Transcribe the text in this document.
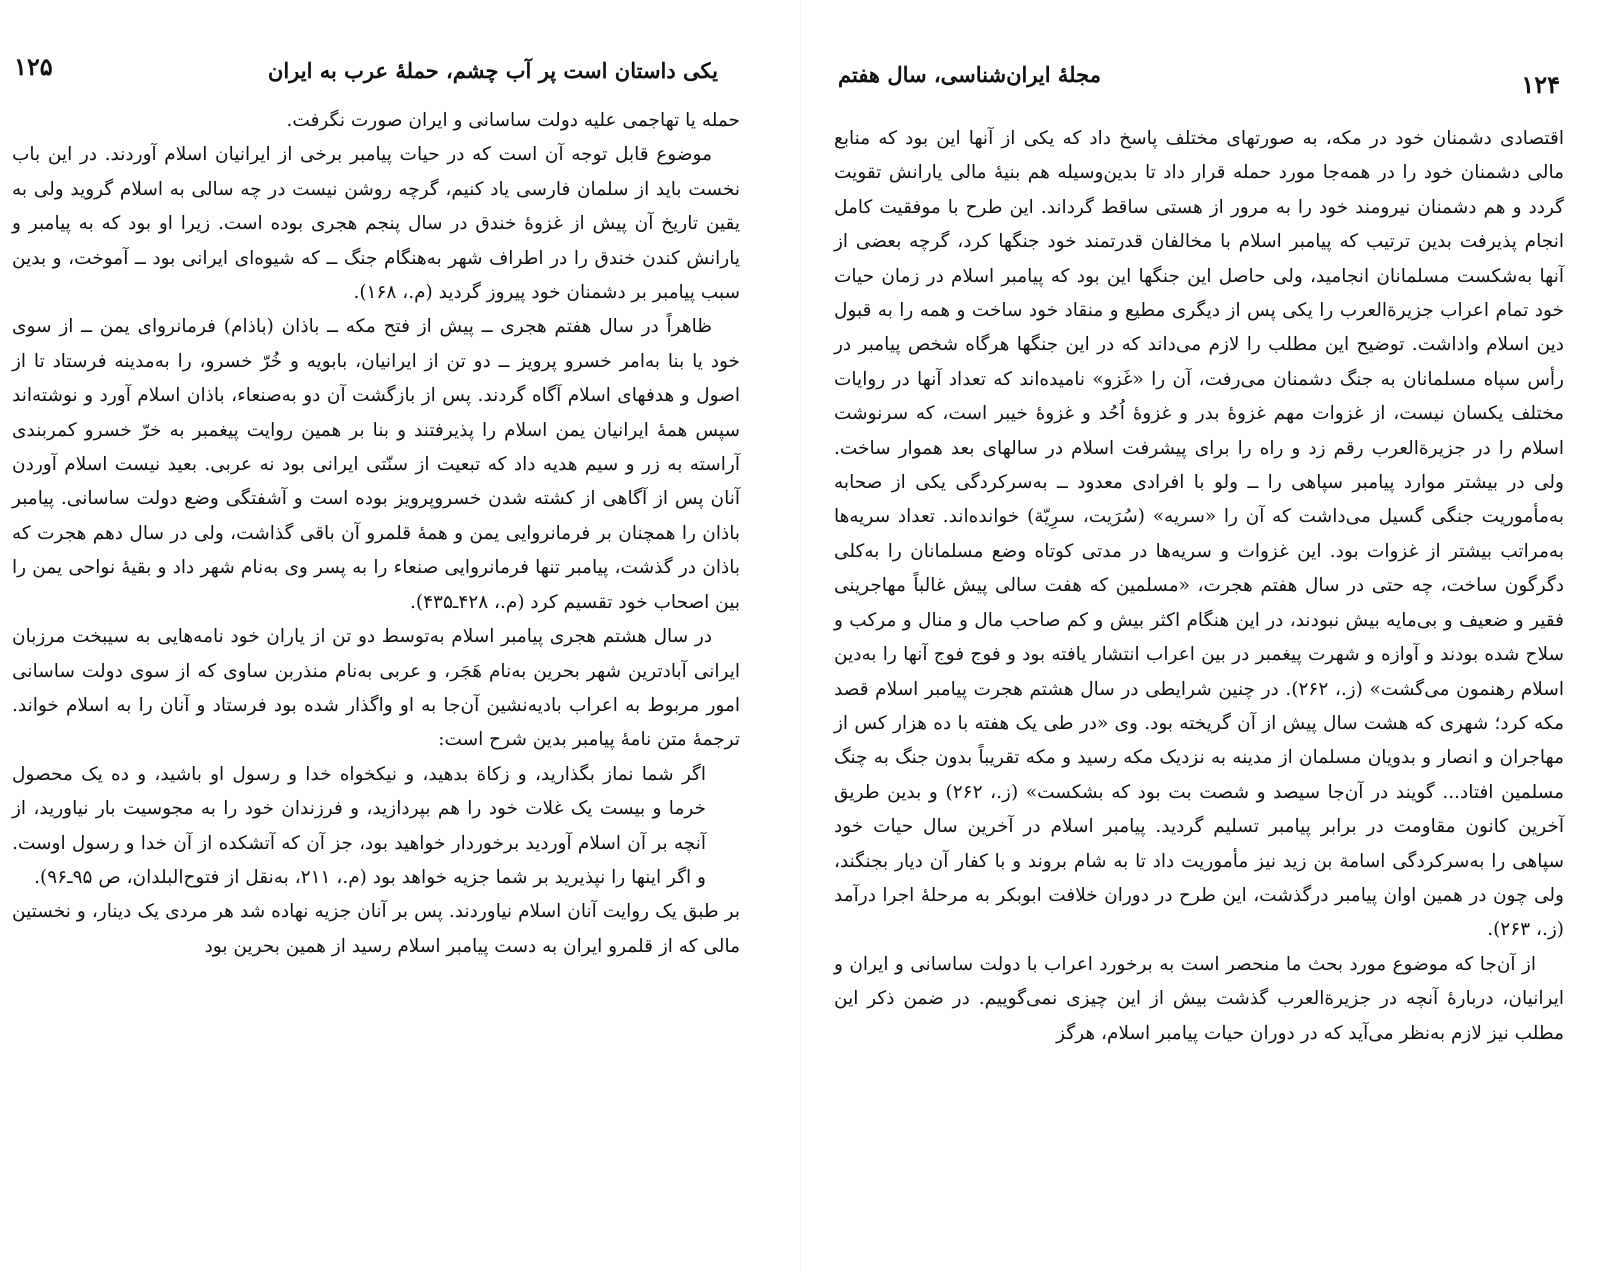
۱۲۵	یکی داستان است پر آب چشم، حملهٔ عرب به ایران

حمله یا تهاجمی علیه دولت ساسانی و ایران صورت نگرفت.

موضوع قابل توجه آن است که در حیات پیامبر برخی از ایرانیان اسلام آوردند. در این باب نخست باید از سلمان فارسی یاد کنیم، گرچه روشن نیست در چه سالی به اسلام گروید ولی به یقین تاریخ آن پیش از غزوهٔ خندق در سال پنجم هجری بوده است. زیرا او بود که به پیامبر و یارانش کندن خندق را در اطراف شهر به‌هنگام جنگ ــ که شیوه‌ای ایرانی بود ــ آموخت، و بدین سبب پیامبر بر دشمنان خود پیروز گردید (م.، ۱۶۸).

ظاهراً در سال هفتم هجری ــ پیش از فتح مکه ــ باذان (باذام) فرمانروای یمن ــ از سوی خود یا بنا به‌امر خسرو پرویز ــ دو تن از ایرانیان، بابویه و خُرّ خسرو، را به‌مدینه فرستاد تا از اصول و هدفهای اسلام آگاه گردند. پس از بازگشت آن دو به‌صنعاء، باذان اسلام آورد و نوشته‌اند سپس همهٔ ایرانیان یمن اسلام را پذیرفتند و بنا بر همین روایت پیغمبر به خرّ خسرو کمربندی آراسته به زر و سیم هدیه داد که تبعیت از سنّتی ایرانی بود نه عربی. بعید نیست اسلام آوردن آنان پس از آگاهی از کشته شدن خسروپرویز بوده است و آشفتگی وضع دولت ساسانی. پیامبر باذان را همچنان بر فرمانروایی یمن و همهٔ قلمرو آن باقی گذاشت، ولی در سال دهم هجرت که باذان در گذشت، پیامبر تنها فرمانروایی صنعاء را به پسر وی به‌نام شهر داد و بقیهٔ نواحی یمن را بین اصحاب خود تقسیم کرد (م.، ۴۲۸ـ۴۳۵).

در سال هشتم هجری پیامبر اسلام به‌توسط دو تن از یاران خود نامه‌هایی به سیبخت مرزبان ایرانی آبادترین شهر بحرین به‌نام هَجَر، و عربی به‌نام منذربن ساوی که از سوی دولت ساسانی امور مربوط به اعراب بادیه‌نشین آن‌جا به او واگذار شده بود فرستاد و آنان را به اسلام خواند. ترجمهٔ متن نامهٔ پیامبر بدین شرح است:

اگر شما نماز بگذارید، و زکاة بدهید، و نیکخواه خدا و رسول او باشید، و ده یک محصول خرما و بیست یک غلات خود را هم بپردازید، و فرزندان خود را به مجوسیت بار نیاورید، از آنچه بر آن اسلام آوردید برخوردار خواهید بود، جز آن که آتشکده از آن خدا و رسول اوست. و اگر اینها را نپذیرید بر شما جزیه خواهد بود (م.، ۲۱۱، به‌نقل از فتوح‌البلدان، ص ۹۵ـ۹۶).

بر طبق یک روایت آنان اسلام نیاوردند. پس بر آنان جزیه نهاده شد هر مردی یک دینار، و نخستین مالی که از قلمرو ایران به دست پیامبر اسلام رسید از همین بحرین بود

۱۲۴
مجلهٔ ایران‌شناسی، سال هفتم

اقتصادی دشمنان خود در مکه، به صورتهای مختلف پاسخ داد که یکی از آنها این بود که منابع مالی دشمنان خود را در همه‌جا مورد حمله قرار داد تا بدین‌وسیله هم بنیهٔ مالی یارانش تقویت گردد و هم دشمنان نیرومند خود را به مرور از هستی ساقط گرداند. این طرح با موفقیت کامل انجام پذیرفت بدین ترتیب که پیامبر اسلام با مخالفان قدرتمند خود جنگها کرد، گرچه بعضی از آنها به‌شکست مسلمانان انجامید، ولی حاصل این جنگها این بود که پیامبر اسلام در زمان حیات خود تمام اعراب جزیرةالعرب را یکی پس از دیگری مطیع و منقاد خود ساخت و همه را به قبول دین اسلام واداشت. توضیح این مطلب را لازم می‌داند که در این جنگها هرگاه شخص پیامبر در رأس سپاه مسلمانان به جنگ دشمنان می‌رفت، آن را «غَزو» نامیده‌اند که تعداد آنها در روایات مختلف یکسان نیست، از غزوات مهم غزوهٔ بدر و غزوهٔ اُحُد و غزوهٔ خیبر است، که سرنوشت اسلام را در جزیرةالعرب رقم زد و راه را برای پیشرفت اسلام در سالهای بعد هموار ساخت. ولی در بیشتر موارد پیامبر سپاهی را ــ ولو با افرادی معدود ــ به‌سرکردگی یکی از صحابه به‌مأموریت جنگی گسیل می‌داشت که آن را «سریه» (سُرَیت، سرِیّة) خوانده‌اند. تعداد سریه‌ها به‌مراتب بیشتر از غزوات بود. این غزوات و سریه‌ها در مدتی کوتاه وضع مسلمانان را به‌کلی دگرگون ساخت، چه حتی در سال هفتم هجرت، «مسلمین که هفت سالی پیش غالباً مهاجرینی فقیر و ضعیف و بی‌مایه بیش نبودند، در این هنگام اکثر بیش و کم صاحب مال و منال و مرکب و سلاح شده بودند و آوازه و شهرت پیغمبر در بین اعراب انتشار یافته بود و فوج فوج آنها را به‌دین اسلام رهنمون می‌گشت» (ز.، ۲۶۲). در چنین شرایطی در سال هشتم هجرت پیامبر اسلام قصد مکه کرد؛ شهری که هشت سال پیش از آن گریخته بود. وی «در طی یک هفته با ده هزار کس از مهاجران و انصار و بدویان مسلمان از مدینه به نزدیک مکه رسید و مکه تقریباً بدون جنگ به چنگ مسلمین افتاد... گویند در آن‌جا سیصد و شصت بت بود که بشکست» (ز.، ۲۶۲) و بدین طریق آخرین کانون مقاومت در برابر پیامبر تسلیم گردید. پیامبر اسلام در آخرین سال حیات خود سپاهی را به‌سرکردگی اسامة بن زید نیز مأموریت داد تا به شام بروند و با کفار آن دیار بجنگند، ولی چون در همین اوان پیامبر درگذشت، این طرح در دوران خلافت ابوبکر به مرحلهٔ اجرا درآمد (ز.، ۲۶۳).

از آن‌جا که موضوع مورد بحث ما منحصر است به برخورد اعراب با دولت ساسانی و ایران و ایرانیان، دربارهٔ آنچه در جزیرةالعرب گذشت بیش از این چیزی نمی‌گوییم. در ضمن ذکر این مطلب نیز لازم به‌نظر می‌آید که در دوران حیات پیامبر اسلام، هرگز
